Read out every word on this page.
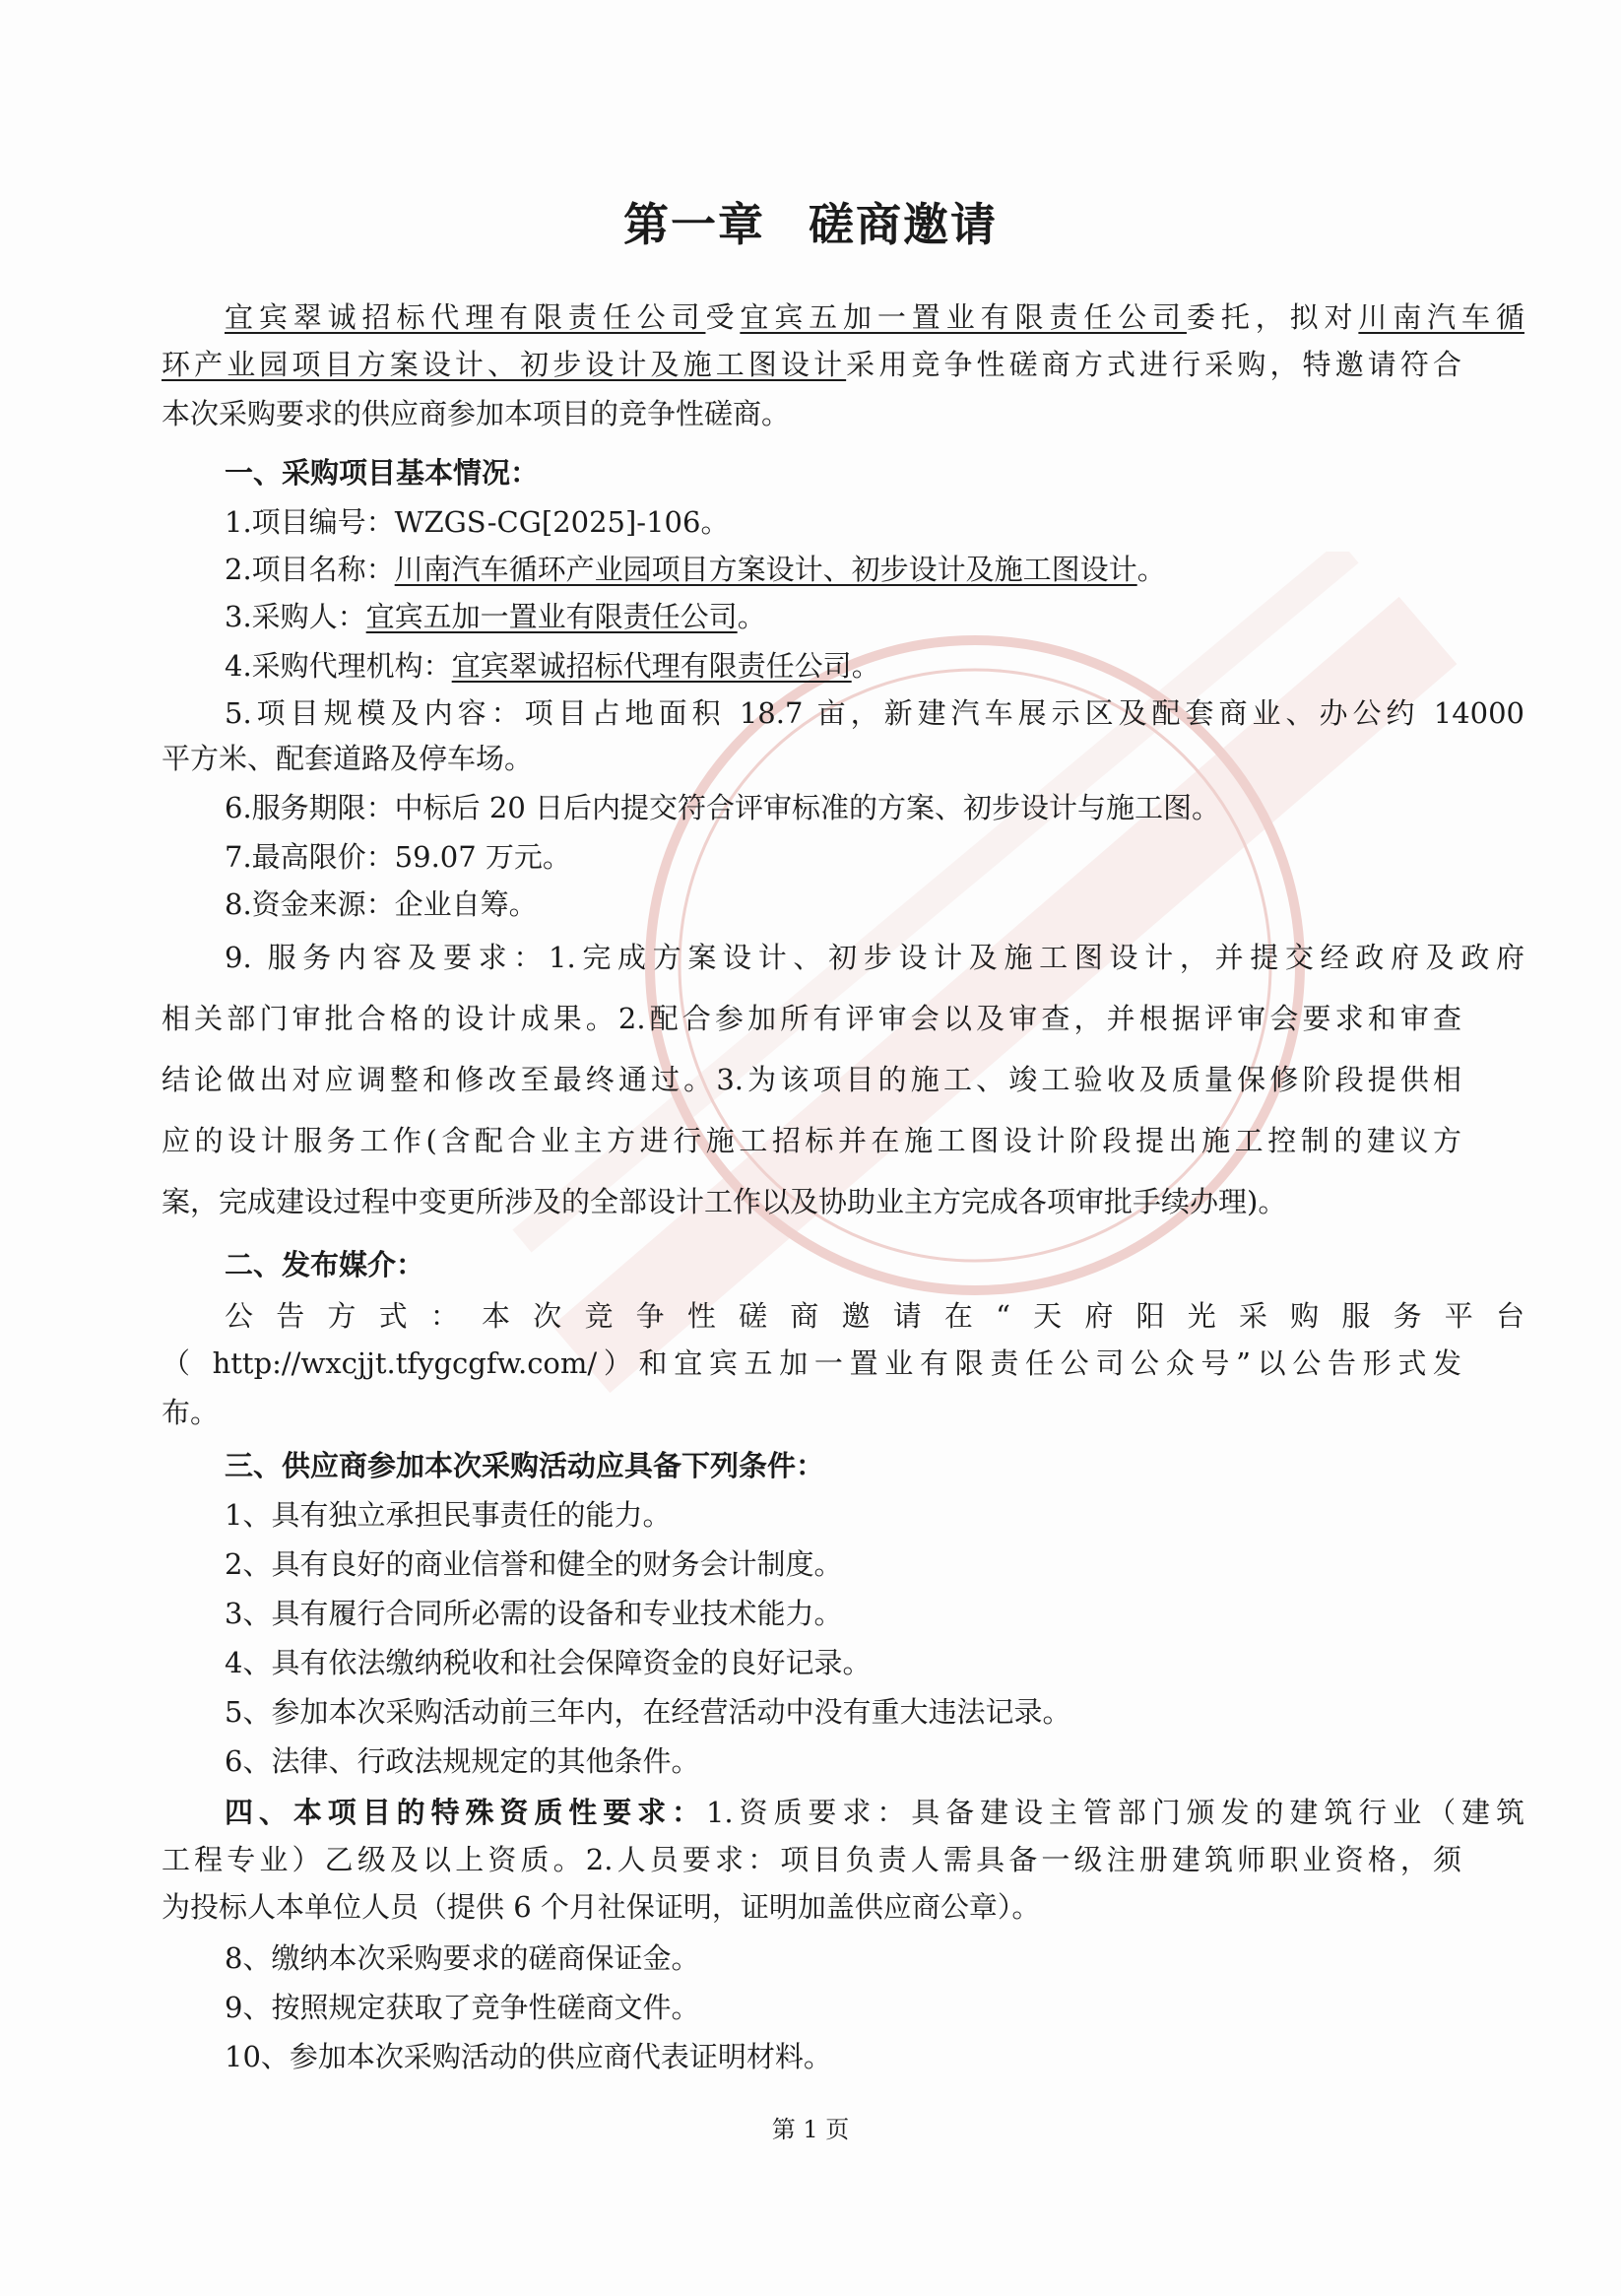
第一章 磋商邀请
宜宾翠诚招标代理有限责任公司受宜宾五加一置业有限责任公司委托，拟对川南汽车循
环产业园项目方案设计、初步设计及施工图设计采用竞争性磋商方式进行采购，特邀请符合
本次采购要求的供应商参加本项目的竞争性磋商。
一、采购项目基本情况：
1.项目编号：WZGS-CG[2025]-106。
2.项目名称：川南汽车循环产业园项目方案设计、初步设计及施工图设计。
3.采购人：宜宾五加一置业有限责任公司。
4.采购代理机构：宜宾翠诚招标代理有限责任公司。
5.项目规模及内容：项目占地面积 18.7 亩，新建汽车展示区及配套商业、办公约 14000
平方米、配套道路及停车场。
6.服务期限：中标后 20 日后内提交符合评审标准的方案、初步设计与施工图。
7.最高限价：59.07 万元。
8.资金来源：企业自筹。
9. 服务内容及要求：1.完成方案设计、初步设计及施工图设计，并提交经政府及政府
相关部门审批合格的设计成果。2.配合参加所有评审会以及审查，并根据评审会要求和审查
结论做出对应调整和修改至最终通过。3.为该项目的施工、竣工验收及质量保修阶段提供相
应的设计服务工作(含配合业主方进行施工招标并在施工图设计阶段提出施工控制的建议方
案，完成建设过程中变更所涉及的全部设计工作以及协助业主方完成各项审批手续办理)。
二、发布媒介：
公告方式：本次竞争性磋商邀请在“天府阳光采购服务平台
（ http://wxcjjt.tfygcgfw.com/）和宜宾五加一置业有限责任公司公众号”以公告形式发
布。
三、供应商参加本次采购活动应具备下列条件：
1、具有独立承担民事责任的能力。
2、具有良好的商业信誉和健全的财务会计制度。
3、具有履行合同所必需的设备和专业技术能力。
4、具有依法缴纳税收和社会保障资金的良好记录。
5、参加本次采购活动前三年内，在经营活动中没有重大违法记录。
6、法律、行政法规规定的其他条件。
四、本项目的特殊资质性要求：1.资质要求：具备建设主管部门颁发的建筑行业（建筑
工程专业）乙级及以上资质。2.人员要求：项目负责人需具备一级注册建筑师职业资格，须
为投标人本单位人员（提供 6 个月社保证明，证明加盖供应商公章）。
8、缴纳本次采购要求的磋商保证金。
9、按照规定获取了竞争性磋商文件。
10、参加本次采购活动的供应商代表证明材料。
第 1 页
